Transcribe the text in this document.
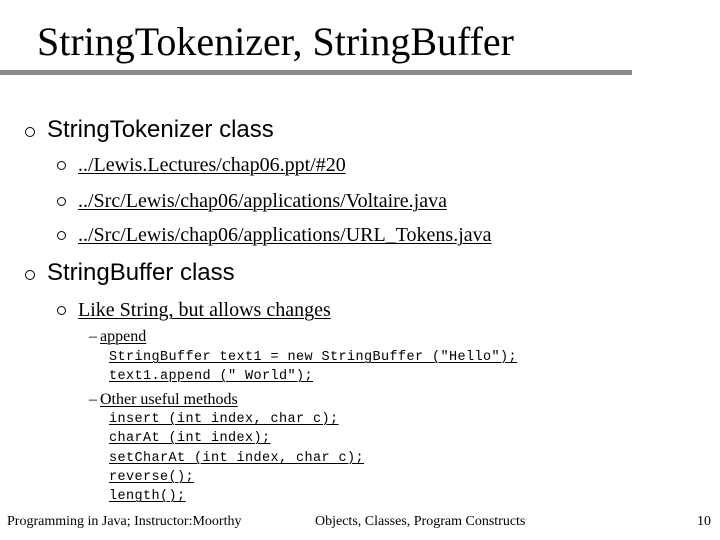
StringTokenizer, StringBuffer
StringTokenizer class
../Lewis.Lectures/chap06.ppt/#20
../Src/Lewis/chap06/applications/Voltaire.java
../Src/Lewis/chap06/applications/URL_Tokens.java
StringBuffer class
Like String, but allows changes
– append
StringBuffer text1 = new StringBuffer ("Hello");
text1.append (" World");
– Other useful methods
insert (int index, char c);
charAt (int index);
setCharAt (int index, char c);
reverse();
length();
Programming in Java; Instructor:Moorthy	Objects, Classes, Program Constructs	10
